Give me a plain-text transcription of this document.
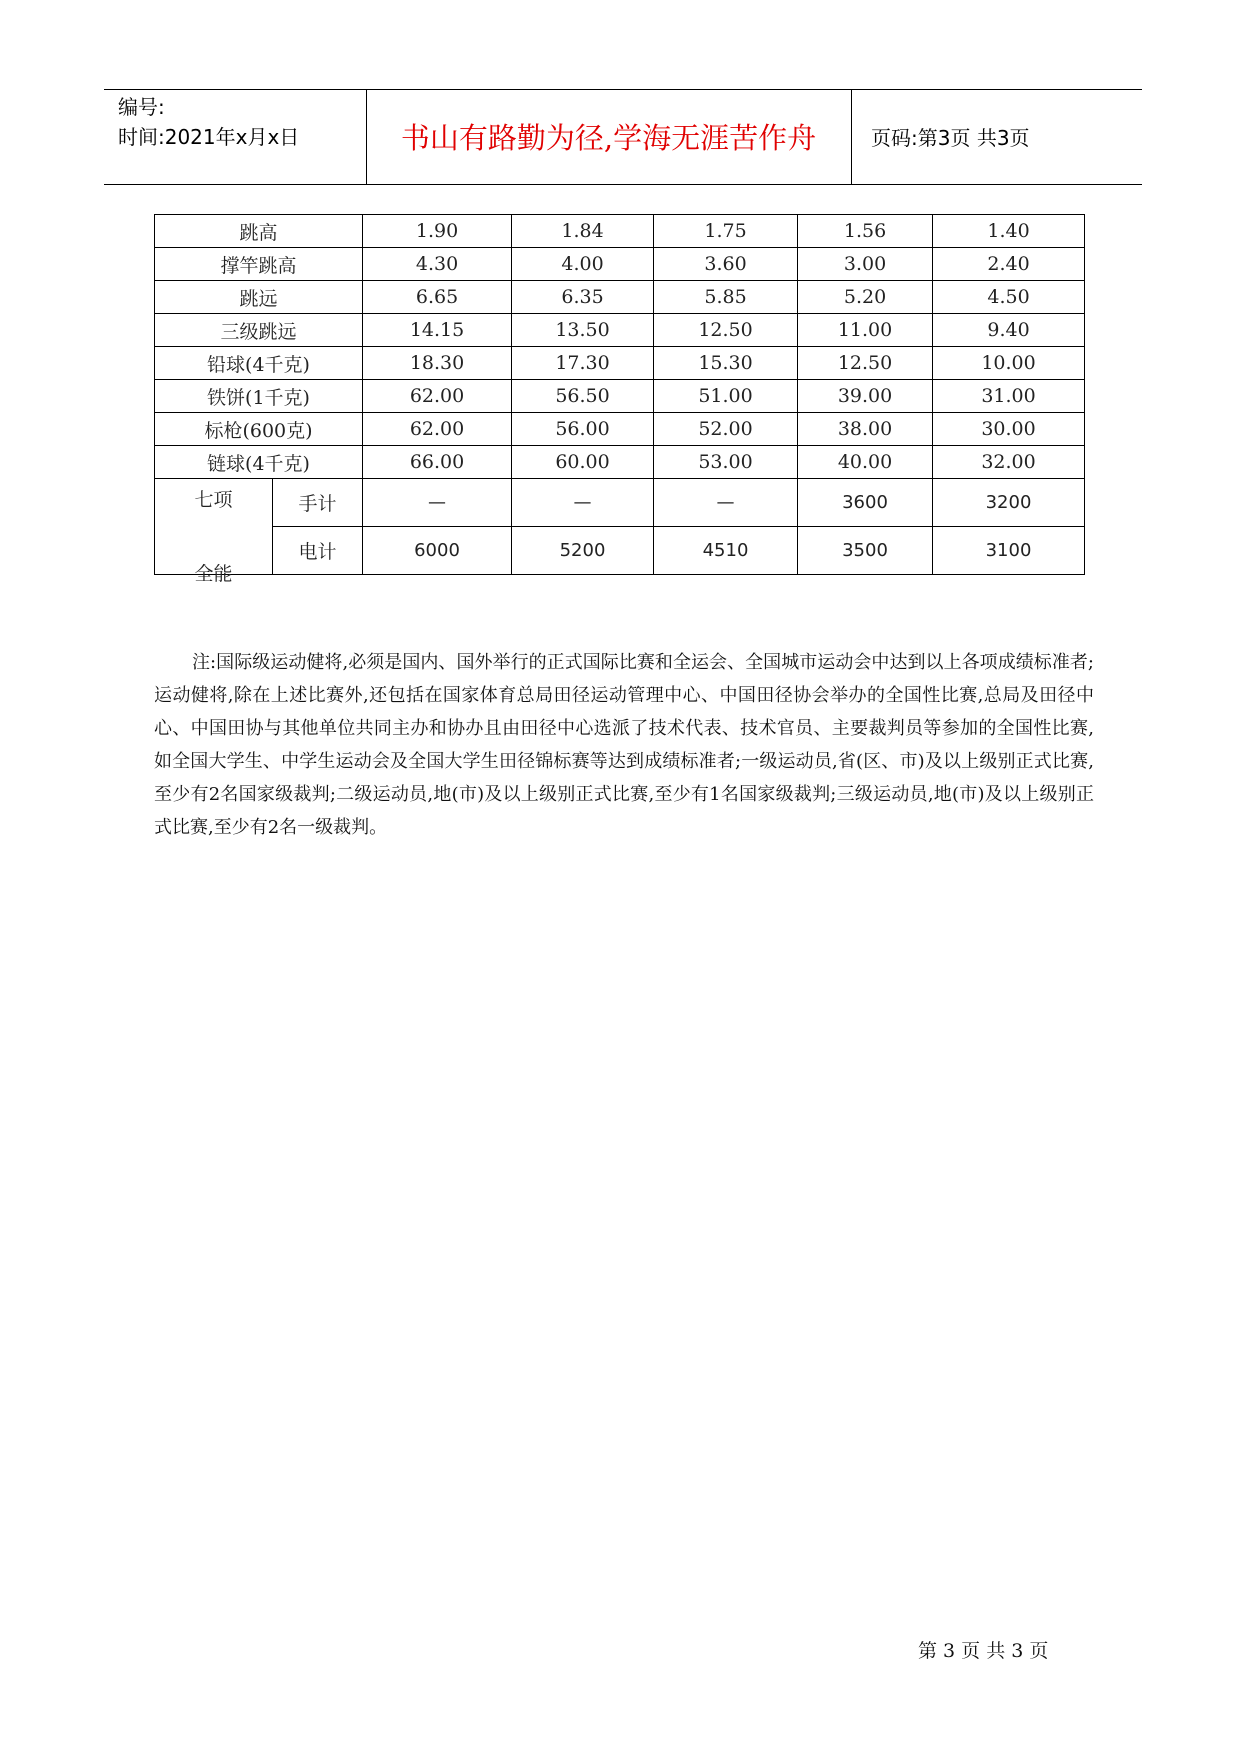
编号:
时间:2021年x月x日	书山有路勤为径,学海无涯苦作舟	页码:第3页 共3页
跳高		1.90	1.84	1.75	1.56	1.40
撑竿跳高		4.30	4.00	3.60	3.00	2.40
跳远		6.65	6.35	5.85	5.20	4.50
三级跳远		14.15	13.50	12.50	11.00	9.40
铅球(4千克)		18.30	17.30	15.30	12.50	10.00
铁饼(1千克)		62.00	56.50	51.00	39.00	31.00
标枪(600克)		62.00	56.00	52.00	38.00	30.00
链球(4千克)		66.00	60.00	53.00	40.00	32.00

七项
全能	手计	—	—	—	3600	3200
	电计	6000	5200	4510	3500	3100
注:国际级运动健将,必须是国内、国外举行的正式国际比赛和全运会、全国城市运动会中达到以上各项成绩标准者;运动健将,除在上述比赛外,还包括在国家体育总局田径运动管理中心、中国田径协会举办的全国性比赛,总局及田径中心、中国田协与其他单位共同主办和协办且由田径中心选派了技术代表、技术官员、主要裁判员等参加的全国性比赛,如全国大学生、中学生运动会及全国大学生田径锦标赛等达到成绩标准者;一级运动员,省(区、市)及以上级别正式比赛,至少有2名国家级裁判;二级运动员,地(市)及以上级别正式比赛,至少有1名国家级裁判;三级运动员,地(市)及以上级别正式比赛,至少有2名一级裁判。
第 3 页 共 3 页
